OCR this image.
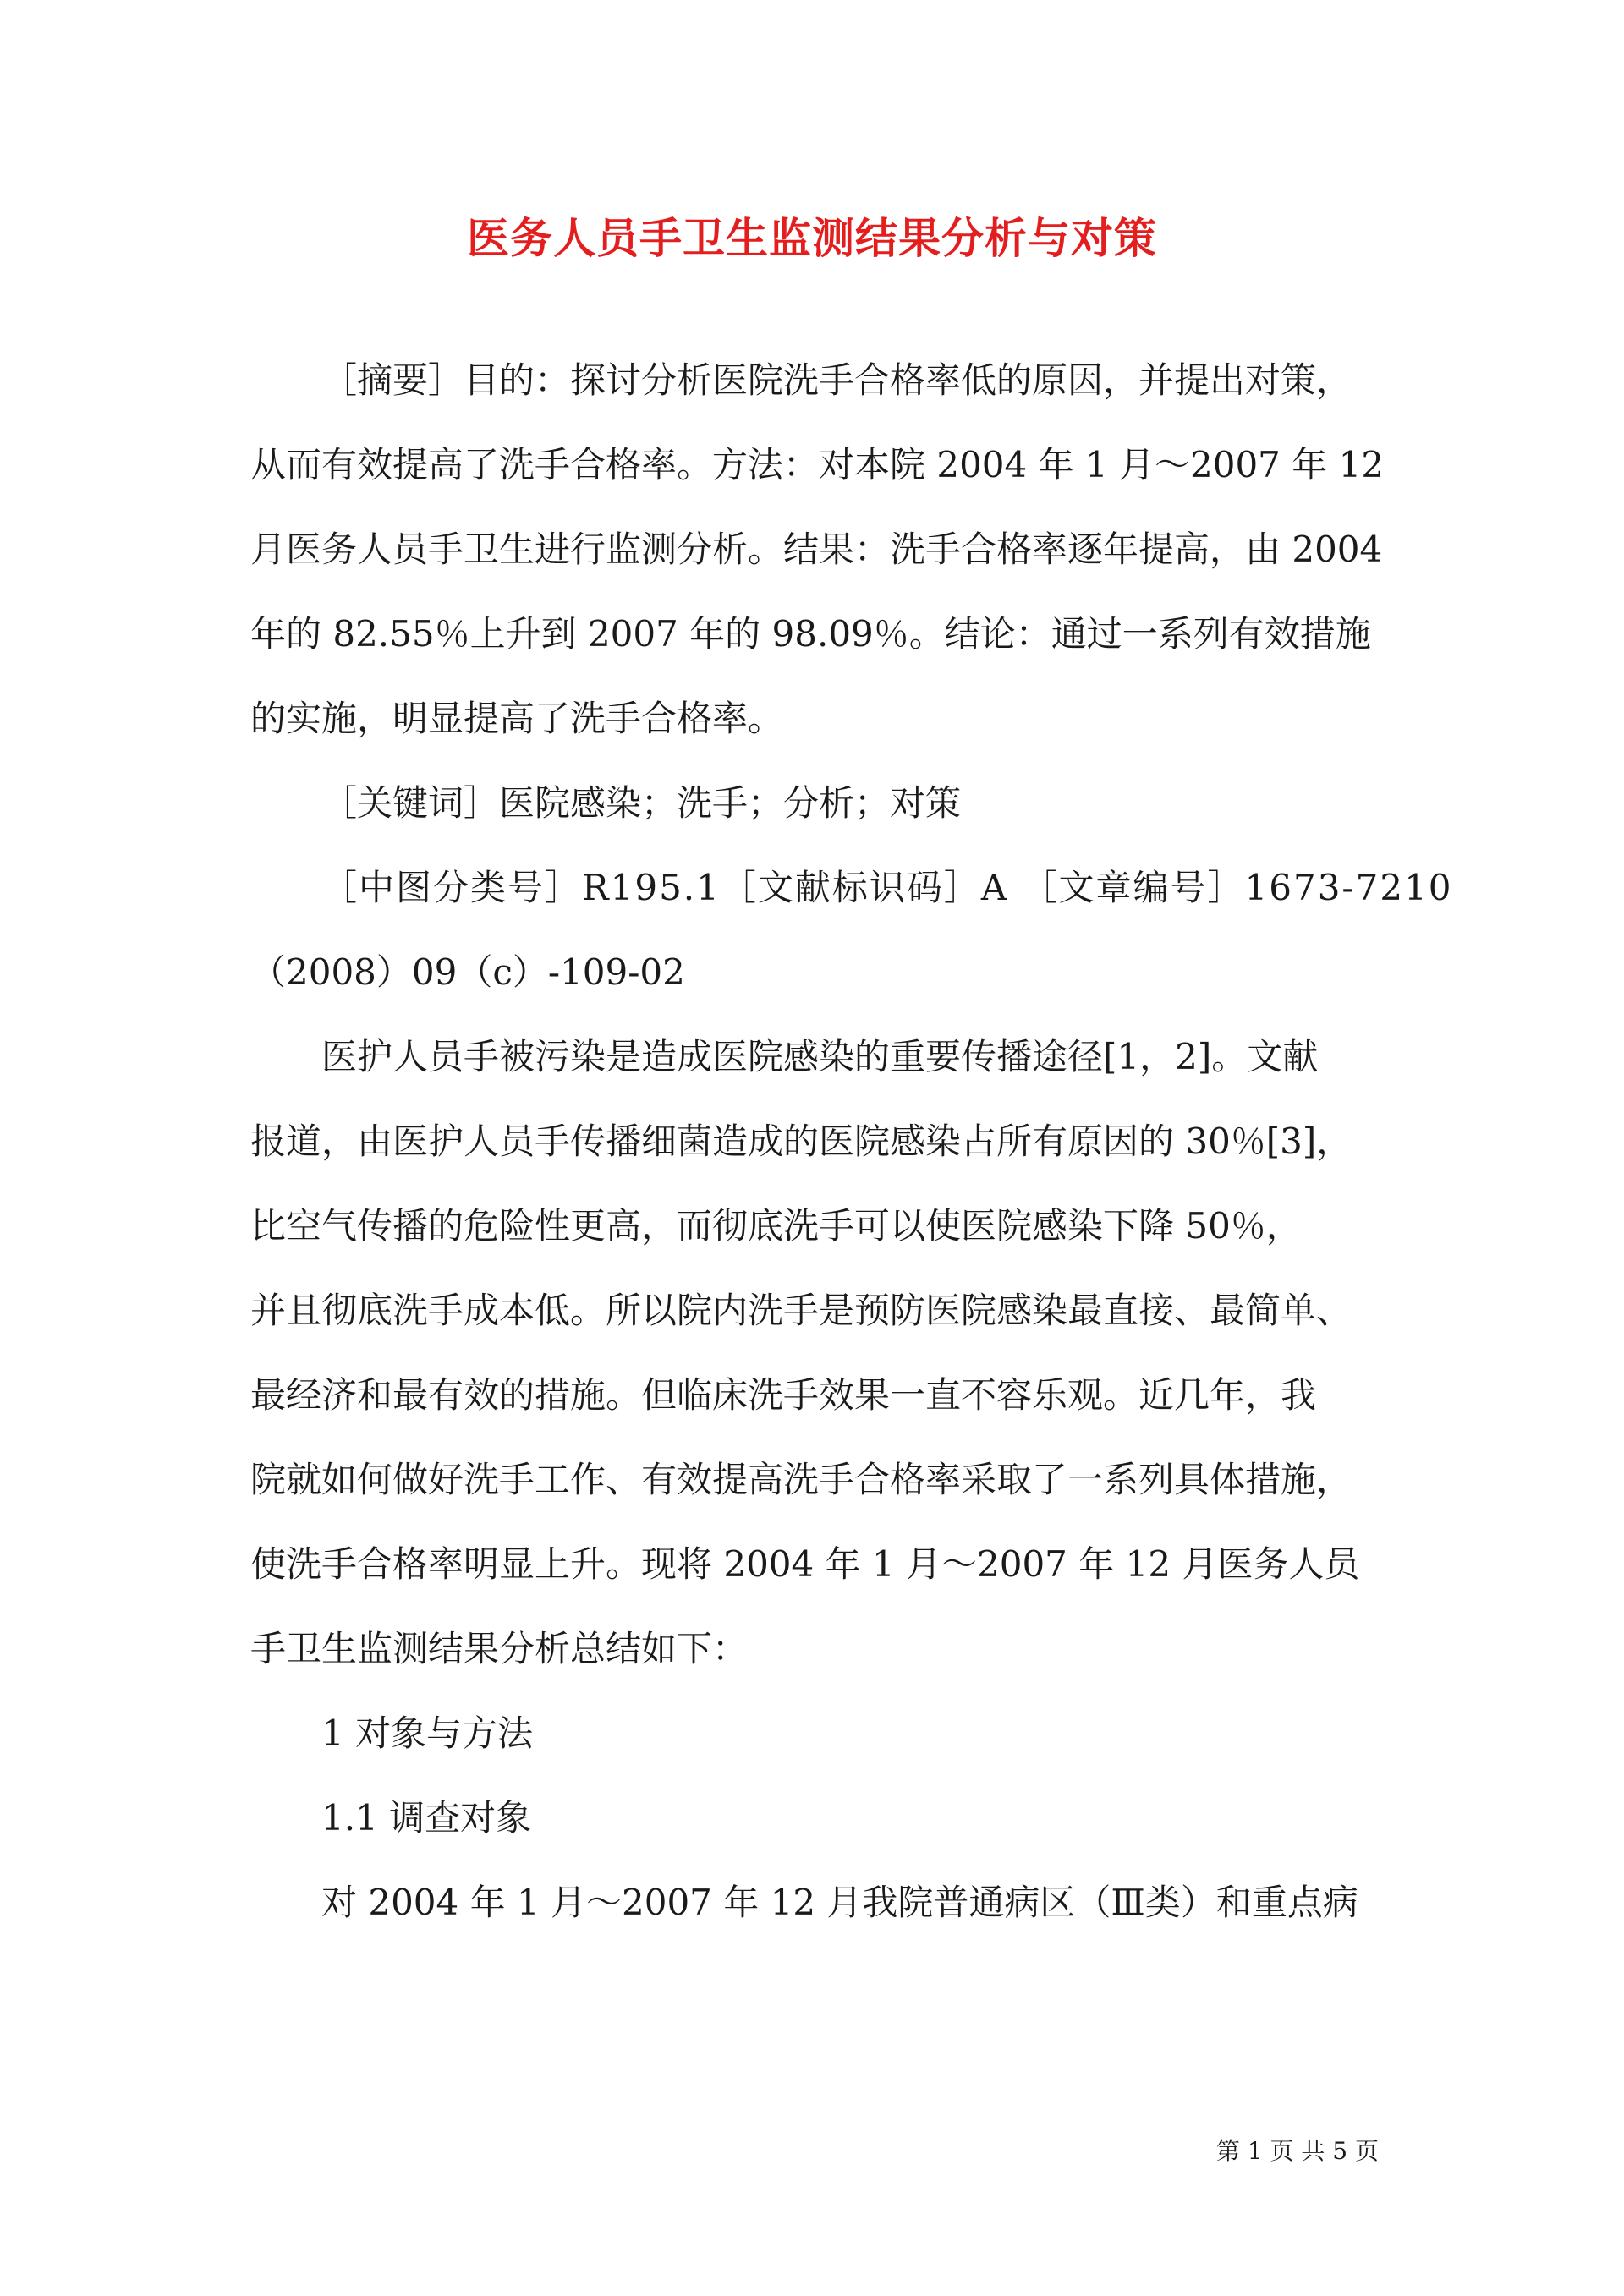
医务人员手卫生监测结果分析与对策
［摘要］目的：探讨分析医院洗手合格率低的原因，并提出对策，
从而有效提高了洗手合格率。方法：对本院 2004 年 1 月～2007 年 12
月医务人员手卫生进行监测分析。结果：洗手合格率逐年提高，由 2004
年的 82.55％上升到 2007 年的 98.09％。结论：通过一系列有效措施
的实施，明显提高了洗手合格率。
［关键词］医院感染；洗手；分析；对策
［中图分类号］R195.1［文献标识码］A ［文章编号］1673-7210
（2008）09（c）-109-02
医护人员手被污染是造成医院感染的重要传播途径[1，2]。文献
报道，由医护人员手传播细菌造成的医院感染占所有原因的 30％[3]，
比空气传播的危险性更高，而彻底洗手可以使医院感染下降 50％，
并且彻底洗手成本低。所以院内洗手是预防医院感染最直接、最简单、
最经济和最有效的措施。但临床洗手效果一直不容乐观。近几年，我
院就如何做好洗手工作、有效提高洗手合格率采取了一系列具体措施，
使洗手合格率明显上升。现将 2004 年 1 月～2007 年 12 月医务人员
手卫生监测结果分析总结如下：
1 对象与方法
1.1 调查对象
对 2004 年 1 月～2007 年 12 月我院普通病区（Ⅲ类）和重点病
第 1 页 共 5 页
